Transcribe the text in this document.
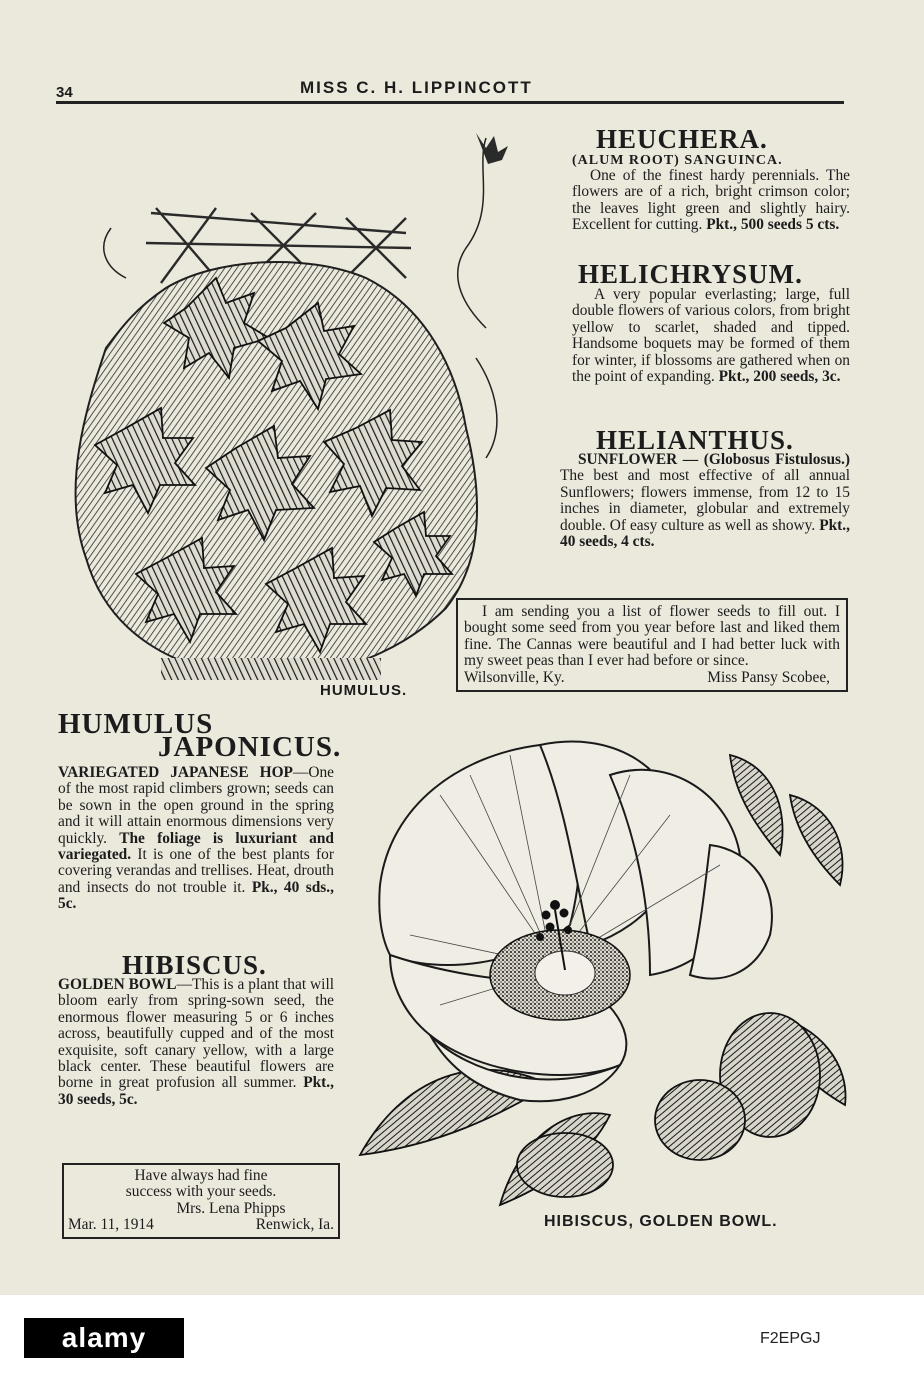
34	MISS C. H. LIPPINCOTT
HUMULUS.
HEUCHERA.
(ALUM ROOT) SANGUINCA.

One of the finest hardy perennials. The flowers are of a rich, bright crimson color; the leaves light green and slightly hairy. Excellent for cutting. Pkt., 500 seeds 5 cts.

HELICHRYSUM.

A very popular everlasting; large, full double flowers of various colors, from bright yellow to scarlet, shaded and tipped. Handsome boquets may be formed of them for winter, if blossoms are gathered when on the point of expanding. Pkt., 200 seeds, 3c.

HELIANTHUS.

SUNFLOWER — (Globosus Fistulosus.) The best and most effective of all annual Sunflowers; flowers immense, from 12 to 15 inches in diameter, globular and extremely double. Of easy culture as well as showy. Pkt., 40 seeds, 4 cts.

I am sending you a list of flower seeds to fill out. I bought some seed from you year before last and liked them fine. The Cannas were beautiful and I had better luck with my sweet peas than I ever had before or since.
Wilsonville, Ky.	Miss Pansy Scobee,
HUMULUS
JAPONICUS.

VARIEGATED JAPANESE HOP—One of the most rapid climbers grown; seeds can be sown in the open ground in the spring and it will attain enormous dimensions very quickly. The foliage is luxuriant and variegated. It is one of the best plants for covering verandas and trellises. Heat, drouth and insects do not trouble it. Pk., 40 sds., 5c.

HIBISCUS.

GOLDEN BOWL—This is a plant that will bloom early from spring-sown seed, the enormous flower measuring 5 or 6 inches across, beautifully cupped and of the most exquisite, soft canary yellow, with a large black center. These beautiful flowers are borne in great profusion all summer. Pkt., 30 seeds, 5c.

Have always had fine
success with your seeds.
Mrs. Lena Phipps
Mar. 11, 1914	Renwick, Ia.	HIBISCUS, GOLDEN BOWL.
alamy	F2EPGJ
